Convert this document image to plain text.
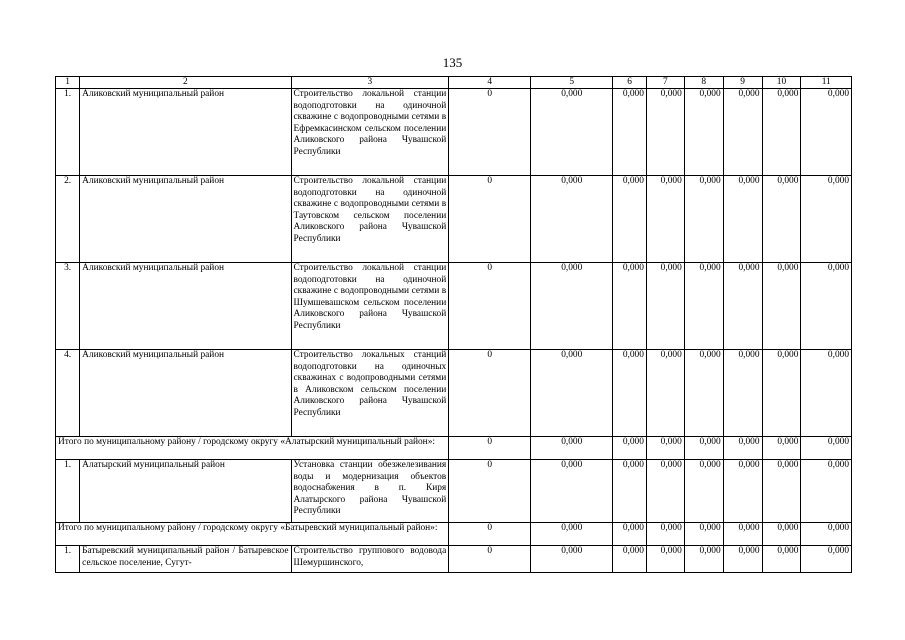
135
1	2	3	4	5	6	7	8	9	10	11
1.	Аликовский муниципальный район	Строительство локальной станции водоподготовки на одиночной скважине с водопроводными сетями в Ефремкасинском сельском поселении Аликовского района Чувашской Республики	0	0,000	0,000	0,000	0,000	0,000	0,000	0,000
2.	Аликовский муниципальный район	Строительство локальной станции водоподготовки на одиночной скважине с водопроводными сетями в Таутовском сельском поселении Аликовского района Чувашской Республики	0	0,000	0,000	0,000	0,000	0,000	0,000	0,000
3.	Аликовский муниципальный район	Строительство локальной станции водоподготовки на одиночной скважине с водопроводными сетями в Шумшевашском сельском поселении Аликовского района Чувашской Республики	0	0,000	0,000	0,000	0,000	0,000	0,000	0,000
4.	Аликовский муниципальный район	Строительство локальных станций водоподготовки на одиночных скважинах с водопроводными сетями в Аликовском сельском поселении Аликовского района Чувашской Республики	0	0,000	0,000	0,000	0,000	0,000	0,000	0,000
Итого по муниципальному району / городскому округу «Алатырский муниципальный район»:			0	0,000	0,000	0,000	0,000	0,000	0,000	0,000
1.	Алатырский муниципальный район	Установка станции обезжелезивания воды и модернизация объектов водоснабжения в п. Киря Алатырского района Чувашской Республики	0	0,000	0,000	0,000	0,000	0,000	0,000	0,000
Итого по муниципальному району / городскому округу «Батыревский муниципальный район»:			0	0,000	0,000	0,000	0,000	0,000	0,000	0,000
1.	Батыревский муниципальный район / Батыревское сельское поселение, Сугут-	Строительство группового водовода Шемуршинского,	0	0,000	0,000	0,000	0,000	0,000	0,000	0,000
